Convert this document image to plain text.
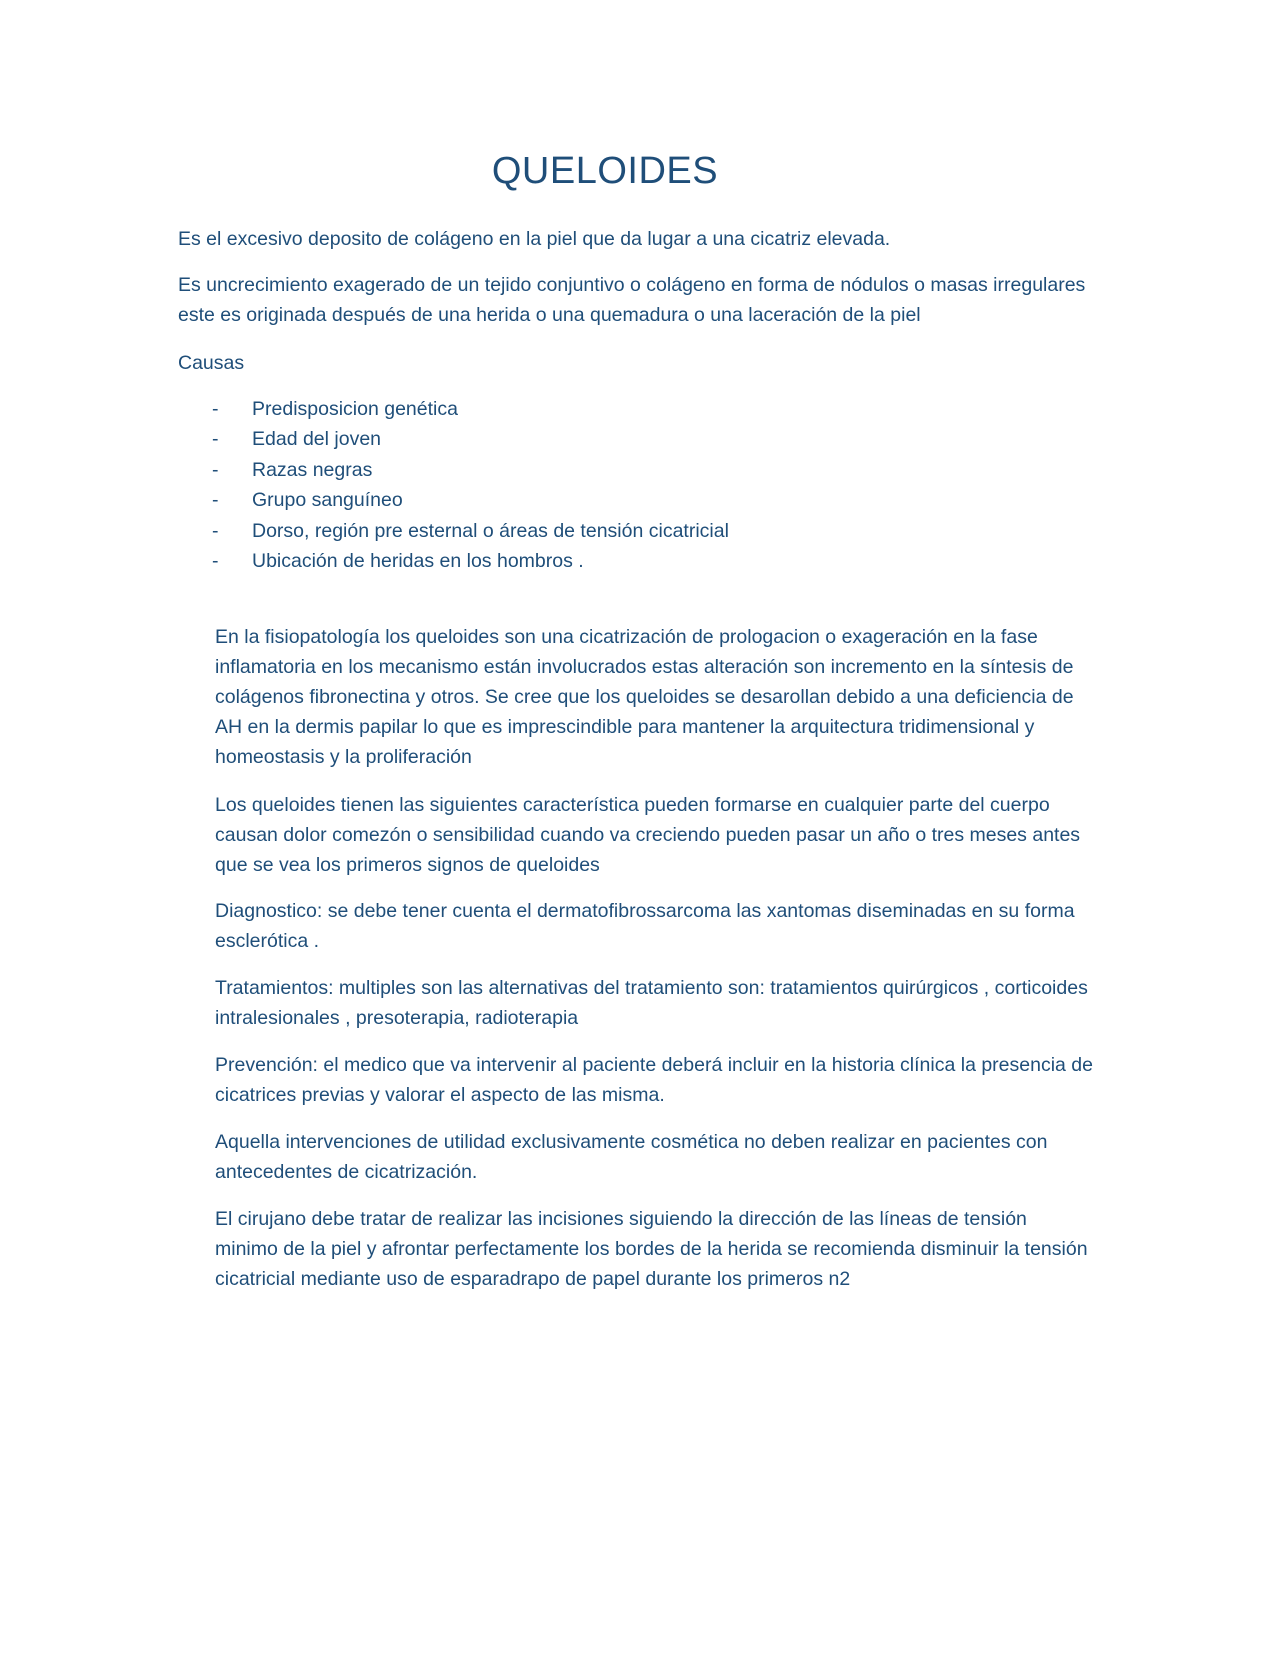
QUELOIDES

Es el excesivo deposito de colágeno en la piel que da lugar a una cicatriz elevada.

Es uncrecimiento exagerado de un tejido conjuntivo o colágeno en forma de nódulos o masas irregulares este es originada después de una herida o una quemadura o una laceración de la piel

Causas

- Predisposicion genética
- Edad del joven
- Razas negras
- Grupo sanguíneo
- Dorso, región pre esternal o áreas de tensión cicatricial
- Ubicación de heridas en los hombros .

En la fisiopatología los queloides son una cicatrización de prologacion o exageración en la fase inflamatoria en los mecanismo están involucrados estas alteración son incremento en la síntesis de colágenos fibronectina y otros. Se cree que los queloides se desarollan debido a una deficiencia de AH en la dermis papilar lo que es imprescindible para mantener la arquitectura tridimensional y homeostasis y la proliferación

Los queloides tienen las siguientes característica pueden formarse en cualquier parte del cuerpo causan dolor comezón o sensibilidad cuando va creciendo pueden pasar un año o tres meses antes que se vea los primeros signos de queloides

Diagnostico: se debe tener cuenta el dermatofibrossarcoma las xantomas diseminadas en su forma esclerótica .

Tratamientos: multiples son las alternativas del tratamiento son: tratamientos quirúrgicos , corticoides intralesionales , presoterapia, radioterapia

Prevención: el medico que va intervenir al paciente deberá incluir en la historia clínica la presencia de cicatrices previas y valorar el aspecto de las misma.

Aquella intervenciones de utilidad exclusivamente cosmética no deben realizar en pacientes con antecedentes de cicatrización.

El cirujano debe tratar de realizar las incisiones siguiendo la dirección de las líneas de tensión minimo de la piel y afrontar perfectamente los bordes de la herida se recomienda disminuir la tensión cicatricial mediante uso de esparadrapo de papel durante los primeros n2
